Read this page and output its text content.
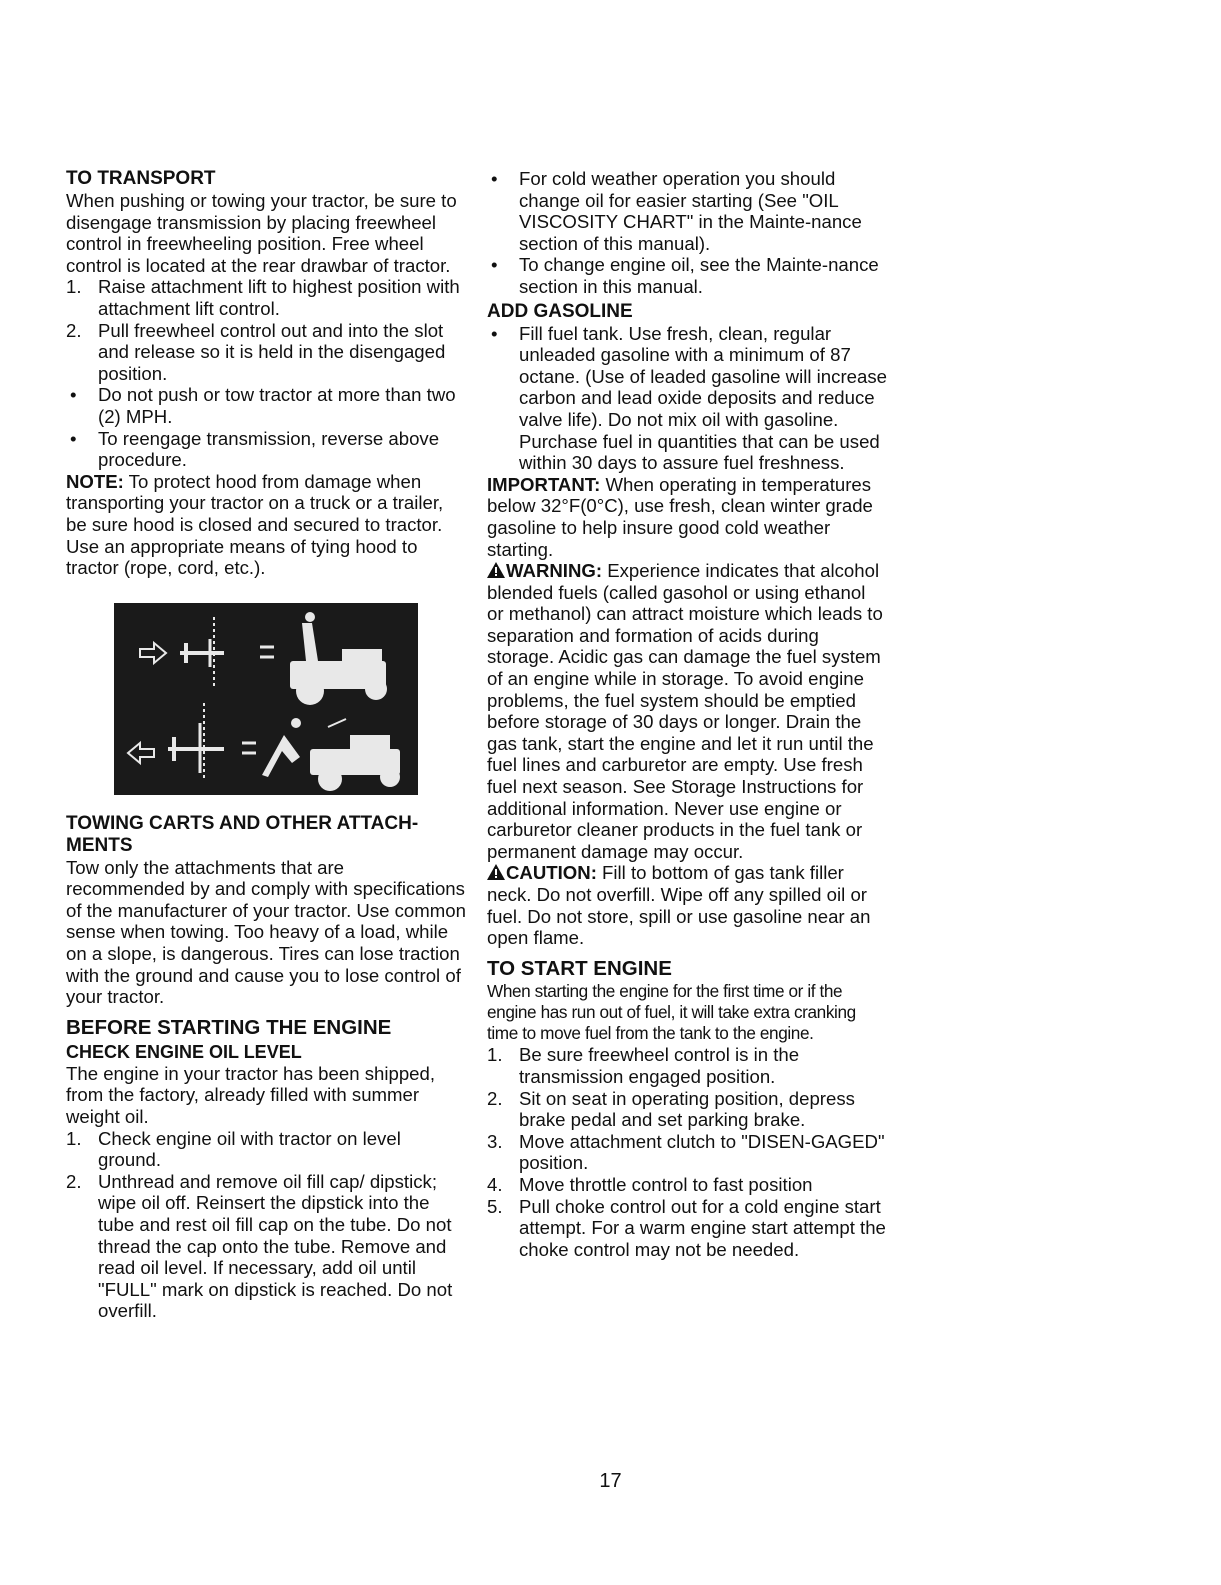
TO TRANSPORT

When pushing or towing your tractor, be sure to disengage transmission by placing freewheel control in freewheeling position. Free wheel control is located at the rear drawbar of tractor.

1. Raise attachment lift to highest position with attachment lift control.
2. Pull freewheel control out and into the slot and release so it is held in the disengaged position.
•	Do not push or tow tractor at more than two (2) MPH.
•	To reengage transmission, reverse above procedure.

NOTE: To protect hood from damage when transporting your tractor on a truck or a trailer, be sure hood is closed and secured to tractor. Use an appropriate means of tying hood to tractor (rope, cord, etc.).

TOWING CARTS AND OTHER ATTACH-MENTS

Tow only the attachments that are recommended by and comply with specifications of the manufacturer of your tractor. Use common sense when towing. Too heavy of a load, while on a slope, is dangerous. Tires can lose traction with the ground and cause you to lose control of your tractor.

BEFORE STARTING THE ENGINE
CHECK ENGINE OIL LEVEL

The engine in your tractor has been shipped, from the factory, already filled with summer weight oil.

1. Check engine oil with tractor on level ground.
2. Unthread and remove oil fill cap/ dipstick; wipe oil off. Reinsert the dipstick into the tube and rest oil fill cap on the tube. Do not thread the cap onto the tube. Remove and read oil level. If necessary, add oil until "FULL" mark on dipstick is reached. Do not overfill.
•	For cold weather operation you should change oil for easier starting (See "OIL VISCOSITY CHART" in the Mainte-nance section of this manual).
•	To change engine oil, see the Mainte-nance section in this manual.
ADD GASOLINE
•	Fill fuel tank. Use fresh, clean, regular unleaded gasoline with a minimum of 87 octane. (Use of leaded gasoline will increase carbon and lead oxide deposits and reduce valve life). Do not mix oil with gasoline. Purchase fuel in quantities that can be used within 30 days to assure fuel freshness.

IMPORTANT: When operating in temperatures below 32°F(0°C), use fresh, clean winter grade gasoline to help insure good cold weather starting.

WARNING: Experience indicates that alcohol blended fuels (called gasohol or using ethanol or methanol) can attract moisture which leads to separation and formation of acids during storage. Acidic gas can damage the fuel system of an engine while in storage. To avoid engine problems, the fuel system should be emptied before storage of 30 days or longer. Drain the gas tank, start the engine and let it run until the fuel lines and carburetor are empty. Use fresh fuel next season. See Storage Instructions for additional information. Never use engine or carburetor cleaner products in the fuel tank or permanent damage may occur.

CAUTION: Fill to bottom of gas tank filler neck. Do not overfill. Wipe off any spilled oil or fuel. Do not store, spill or use gasoline near an open flame.

TO START ENGINE

When starting the engine for the first time or if the engine has run out of fuel, it will take extra cranking time to move fuel from the tank to the engine.

1. Be sure freewheel control is in the transmission engaged position.
2. Sit on seat in operating position, depress brake pedal and set parking brake.
3. Move attachment clutch to "DISEN-GAGED" position.
4. Move throttle control to fast position
5. Pull choke control out for a cold engine start attempt. For a warm engine start attempt the choke control may not be needed.
17
